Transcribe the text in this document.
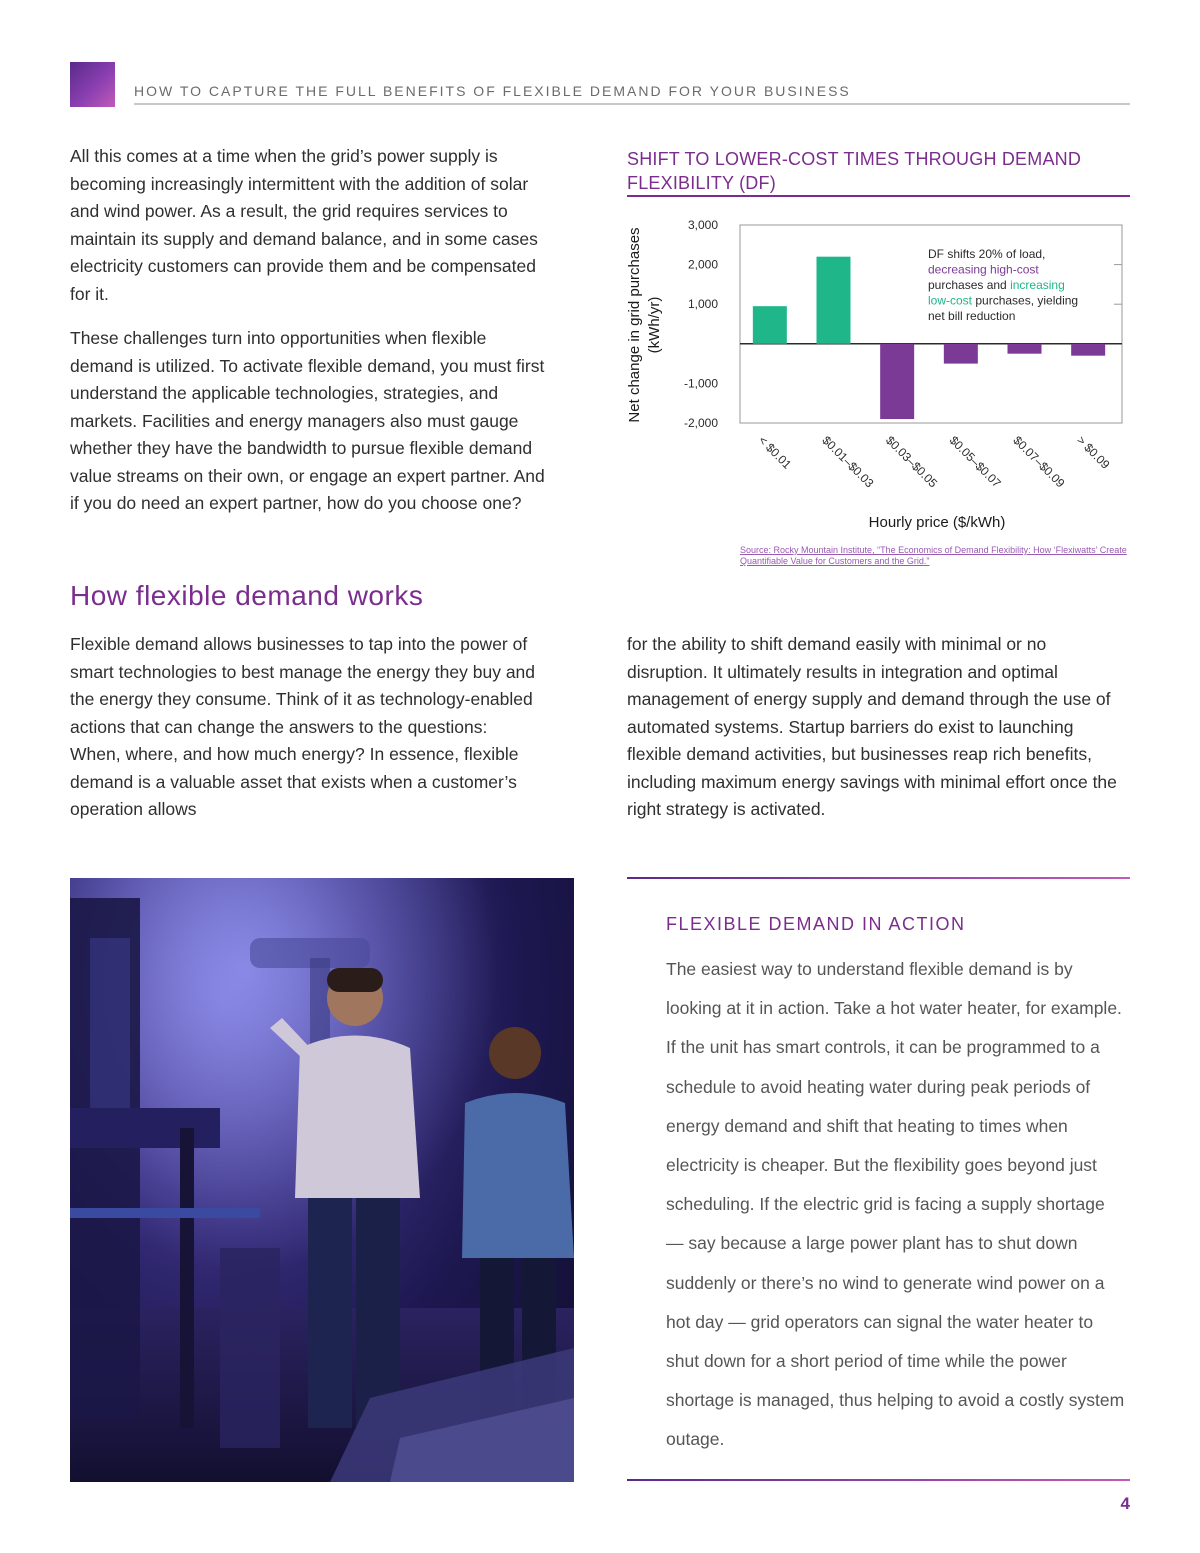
HOW TO CAPTURE THE FULL BENEFITS OF FLEXIBLE DEMAND FOR YOUR BUSINESS

All this comes at a time when the grid’s power supply is becoming increasingly intermittent with the addition of solar and wind power. As a result, the grid requires services to maintain its supply and demand balance, and in some cases electricity customers can provide them and be compensated for it.

These challenges turn into opportunities when flexible demand is utilized. To activate flexible demand, you must first understand the applicable technologies, strategies, and markets. Facilities and energy managers also must gauge whether they have the bandwidth to pursue flexible demand value streams on their own, or engage an expert partner. And if you do need an expert partner, how do you choose one?

SHIFT TO LOWER-COST TIMES THROUGH DEMAND FLEXIBILITY (DF)
3,000
2,000
1,000
-1,000
-2,000
< $0.01 $0.01–$0.03 $0.03–$0.05 $0.05–$0.07 $0.07–$0.09 > $0.09
DF shifts 20% of load, decreasing high-cost purchases and increasing low-cost purchases, yielding net bill reduction
Hourly price ($/kWh)
Net change in grid purchases (kWh/yr)
Source: Rocky Mountain Institute, “The Economics of Demand Flexibility: How ‘Flexiwatts’ Create Quantifiable Value for Customers and the Grid.”
How flexible demand works

Flexible demand allows businesses to tap into the power of smart technologies to best manage the energy they buy and the energy they consume. Think of it as technology-enabled actions that can change the answers to the questions: When, where, and how much energy? In essence, flexible demand is a valuable asset that exists when a customer’s operation allows

for the ability to shift demand easily with minimal or no disruption. It ultimately results in integration and optimal management of energy supply and demand through the use of automated systems. Startup barriers do exist to launching flexible demand activities, but businesses reap rich benefits, including maximum energy savings with minimal effort once the right strategy is activated.

FLEXIBLE DEMAND IN ACTION
The easiest way to understand flexible demand is by looking at it in action. Take a hot water heater, for example. If the unit has smart controls, it can be programmed to a schedule to avoid heating water during peak periods of energy demand and shift that heating to times when electricity is cheaper. But the flexibility goes beyond just scheduling. If the electric grid is facing a supply shortage — say because a large power plant has to shut down suddenly or there’s no wind to generate wind power on a hot day — grid operators can signal the water heater to shut down for a short period of time while the power shortage is managed, thus helping to avoid a costly system outage.
4
